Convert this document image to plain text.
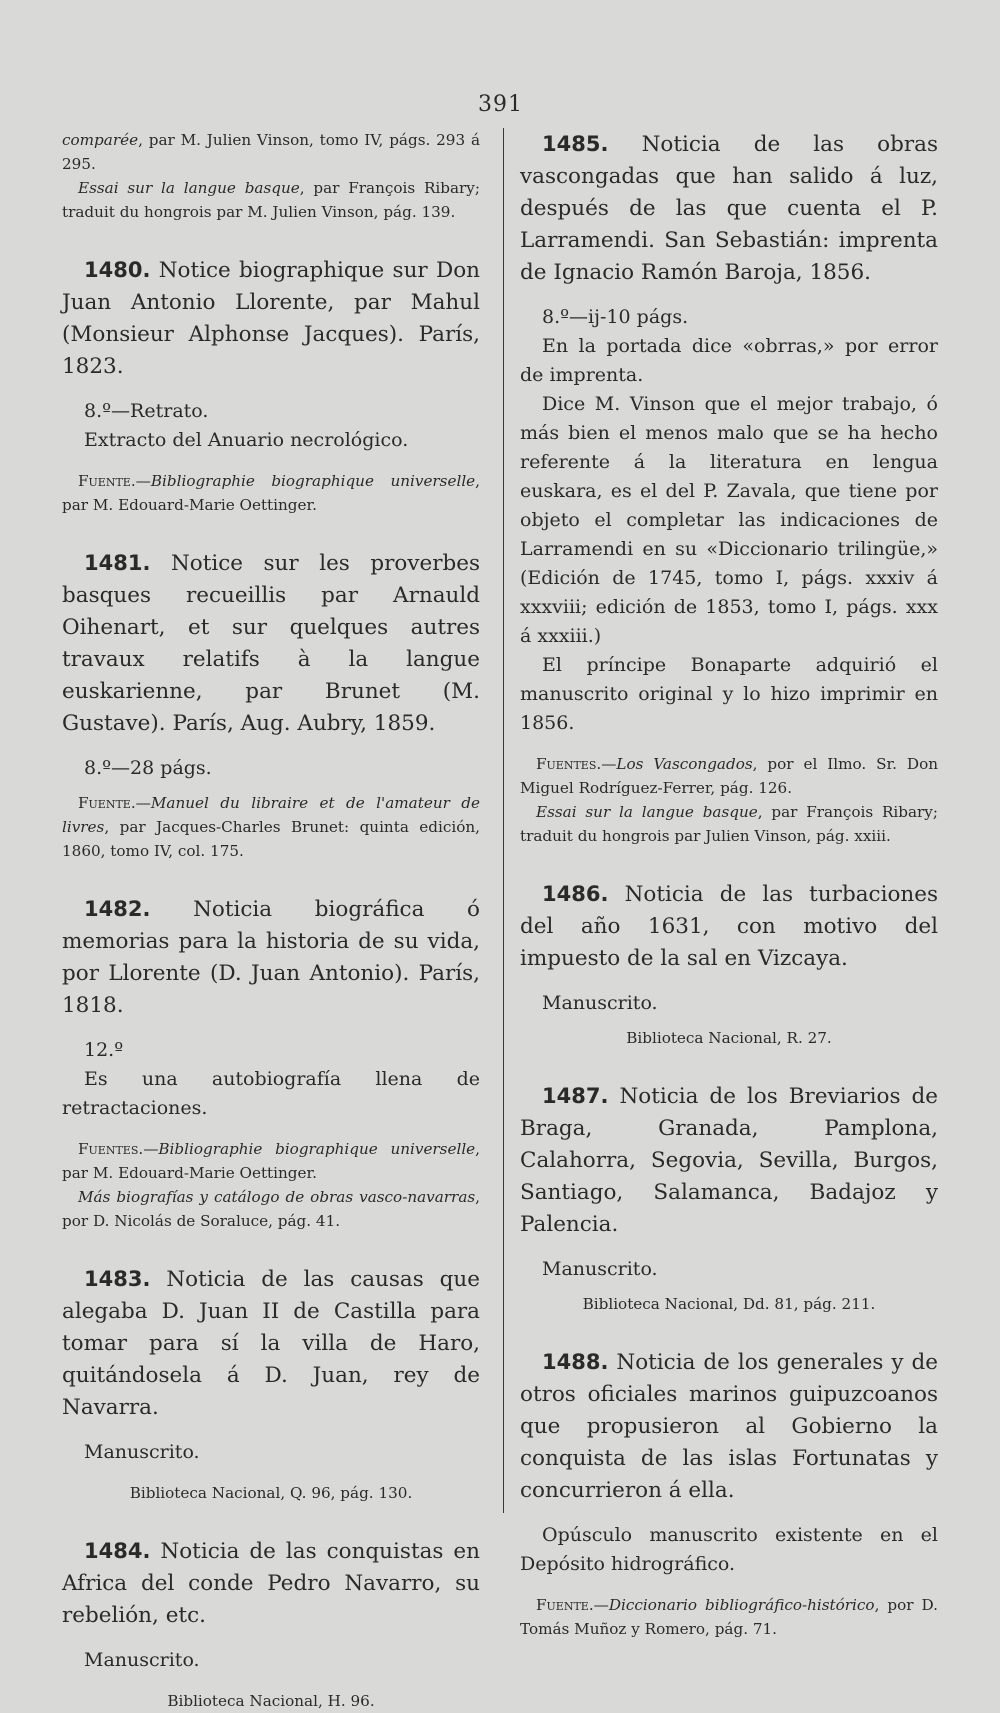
391

comparée, par M. Julien Vinson, tomo IV, págs. 293 á 295.

Essai sur la langue basque, par François Ribary; traduit du hongrois par M. Julien Vinson, pág. 139.

1480. Notice biographique sur Don Juan Antonio Llorente, par Mahul (Monsieur Alphonse Jacques). París, 1823.

8.º—Retrato.

Extracto del Anuario necrológico.

Fuente.—Bibliographie biographique universelle, par M. Edouard-Marie Oettinger.

1481. Notice sur les proverbes basques recueillis par Arnauld Oihenart, et sur quelques autres travaux relatifs à la langue euskarienne, par Brunet (M. Gustave). París, Aug. Aubry, 1859.

8.º—28 págs.

Fuente.—Manuel du libraire et de l'amateur de livres, par Jacques-Charles Brunet: quinta edición, 1860, tomo IV, col. 175.

1482. Noticia biográfica ó memorias para la historia de su vida, por Llorente (D. Juan Antonio). París, 1818.

12.º

Es una autobiografía llena de retractaciones.

Fuentes.—Bibliographie biographique universelle, par M. Edouard-Marie Oettinger.

Más biografías y catálogo de obras vasco-navarras, por D. Nicolás de Soraluce, pág. 41.

1483. Noticia de las causas que alegaba D. Juan II de Castilla para tomar para sí la villa de Haro, quitándosela á D. Juan, rey de Navarra.

Manuscrito.

Biblioteca Nacional, Q. 96, pág. 130.

1484. Noticia de las conquistas en Africa del conde Pedro Navarro, su rebelión, etc.

Manuscrito.

Biblioteca Nacional, H. 96.

1485. Noticia de las obras vascongadas que han salido á luz, después de las que cuenta el P. Larramendi. San Sebastián: imprenta de Ignacio Ramón Baroja, 1856.

8.º—ij-10 págs.

En la portada dice «obrras,» por error de imprenta.

Dice M. Vinson que el mejor trabajo, ó más bien el menos malo que se ha hecho referente á la literatura en lengua euskara, es el del P. Zavala, que tiene por objeto el completar las indicaciones de Larramendi en su «Diccionario trilingüe,» (Edición de 1745, tomo I, págs. xxxiv á xxxviii; edición de 1853, tomo I, págs. xxx á xxxiii.)

El príncipe Bonaparte adquirió el manuscrito original y lo hizo imprimir en 1856.

Fuentes.—Los Vascongados, por el Ilmo. Sr. Don Miguel Rodríguez-Ferrer, pág. 126.

Essai sur la langue basque, par François Ribary; traduit du hongrois par Julien Vinson, pág. xxiii.

1486. Noticia de las turbaciones del año 1631, con motivo del impuesto de la sal en Vizcaya.

Manuscrito.

Biblioteca Nacional, R. 27.

1487. Noticia de los Breviarios de Braga, Granada, Pamplona, Calahorra, Segovia, Sevilla, Burgos, Santiago, Salamanca, Badajoz y Palencia.

Manuscrito.

Biblioteca Nacional, Dd. 81, pág. 211.

1488. Noticia de los generales y de otros oficiales marinos guipuzcoanos que propusieron al Gobierno la conquista de las islas Fortunatas y concurrieron á ella.

Opúsculo manuscrito existente en el Depósito hidrográfico.

Fuente.—Diccionario bibliográfico-histórico, por D. Tomás Muñoz y Romero, pág. 71.
